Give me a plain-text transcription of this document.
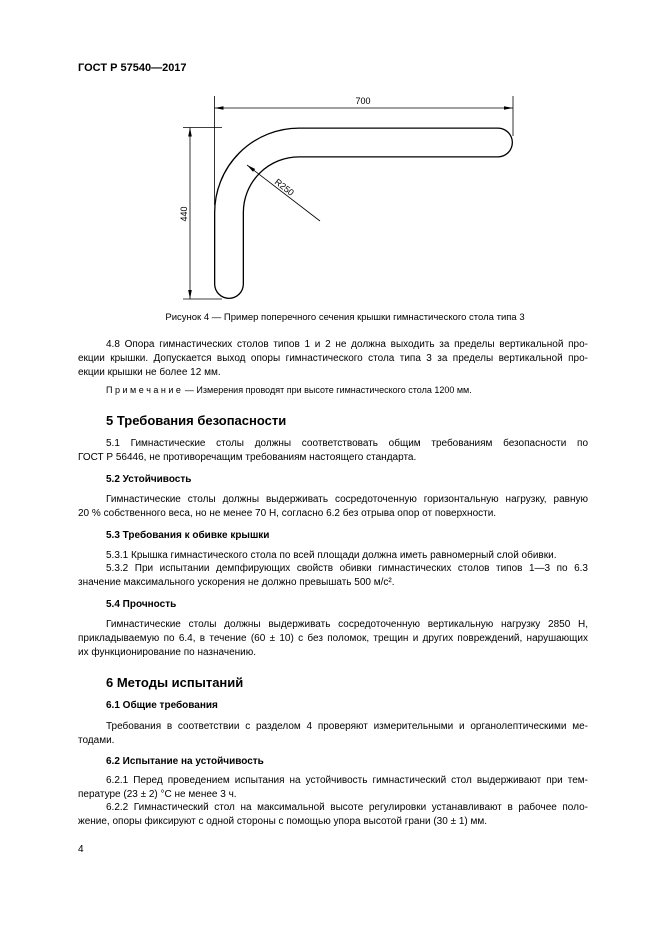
ГОСТ Р 57540—2017
700
440
R250
Рисунок 4 — Пример поперечного сечения крышки гимнастического стола типа 3
4.8 Опора гимнастических столов типов 1 и 2 не должна выходить за пределы вертикальной про-
екции крышки. Допускается выход опоры гимнастического стола типа 3 за пределы вертикальной про-
екции крышки не более 12 мм.
П р и м е ч а н и е — Измерения проводят при высоте гимнастического стола 1200 мм.
5 Требования безопасности
5.1 Гимнастические столы должны соответствовать общим требованиям безопасности по
ГОСТ Р 56446, не противоречащим требованиям настоящего стандарта.
5.2 Устойчивость
Гимнастические столы должны выдерживать сосредоточенную горизонтальную нагрузку, равную
20 % собственного веса, но не менее 70 Н, согласно 6.2 без отрыва опор от поверхности.
5.3 Требования к обивке крышки
5.3.1 Крышка гимнастического стола по всей площади должна иметь равномерный слой обивки.
5.3.2 При испытании демпфирующих свойств обивки гимнастических столов типов 1—3 по 6.3
значение максимального ускорения не должно превышать 500 м/с².
5.4 Прочность
Гимнастические столы должны выдерживать сосредоточенную вертикальную нагрузку 2850 Н,
прикладываемую по 6.4, в течение (60 ± 10) с без поломок, трещин и других повреждений, нарушающих
их функционирование по назначению.
6 Методы испытаний
6.1 Общие требования
Требования в соответствии с разделом 4 проверяют измерительными и органолептическими ме-
тодами.
6.2 Испытание на устойчивость
6.2.1 Перед проведением испытания на устойчивость гимнастический стол выдерживают при тем-
пературе (23 ± 2) °С не менее 3 ч.
6.2.2 Гимнастический стол на максимальной высоте регулировки устанавливают в рабочее поло-
жение, опоры фиксируют с одной стороны с помощью упора высотой грани (30 ± 1) мм.
4
